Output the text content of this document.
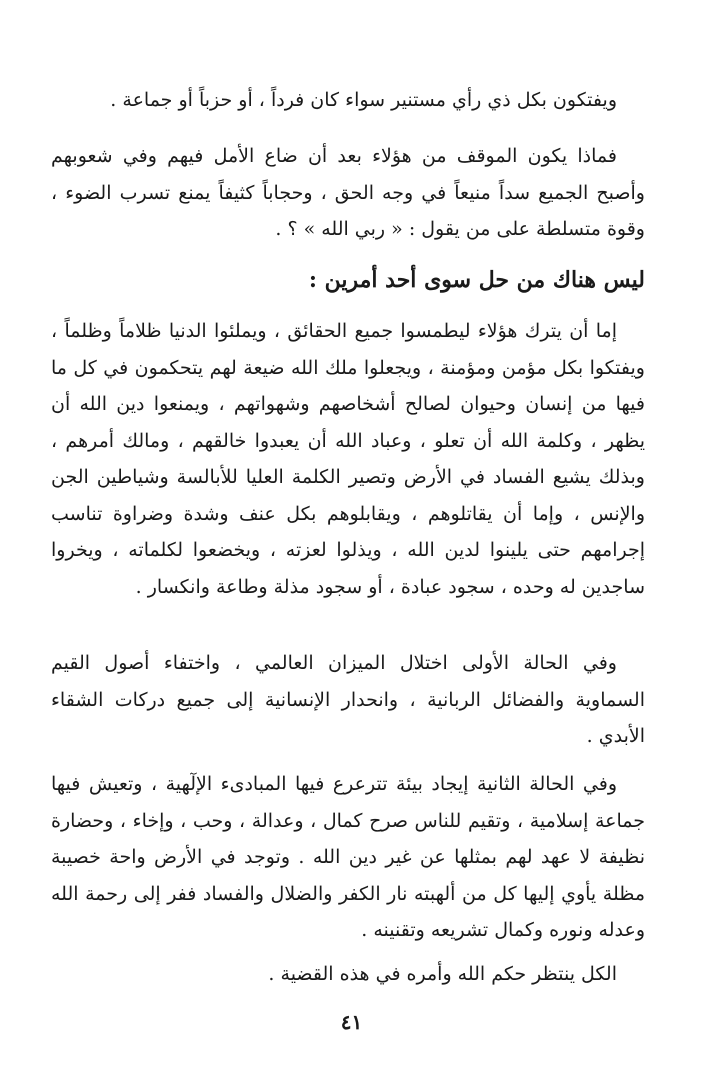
ويفتكون بكل ذي رأي مستنير سواء كان فرداً ، أو حزباً أو جماعة .

فماذا يكون الموقف من هؤلاء بعد أن ضاع الأمل فيهم وفي شعوبهم وأصبح الجميع سداً منيعاً في وجه الحق ، وحجاباً كثيفاً يمنع تسرب الضوء ، وقوة متسلطة على من يقول : « ربي الله » ؟ .

ليس هناك من حل سوى أحد أمرين :

إما أن يترك هؤلاء ليطمسوا جميع الحقائق ، ويملئوا الدنيا ظلاماً وظلماً ، ويفتكوا بكل مؤمن ومؤمنة ، ويجعلوا ملك الله ضيعة لهم يتحكمون في كل ما فيها من إنسان وحيوان لصالح أشخاصهم وشهواتهم ، ويمنعوا دين الله أن يظهر ، وكلمة الله أن تعلو ، وعباد الله أن يعبدوا خالقهم ، ومالك أمرهم ، وبذلك يشيع الفساد في الأرض وتصير الكلمة العليا للأبالسة وشياطين الجن والإنس ، وإما أن يقاتلوهم ، ويقابلوهم بكل عنف وشدة وضراوة تناسب إجرامهم حتى يلينوا لدين الله ، ويذلوا لعزته ، ويخضعوا لكلماته ، ويخروا ساجدين له وحده ، سجود عبادة ، أو سجود مذلة وطاعة وانكسار .

وفي الحالة الأولى اختلال الميزان العالمي ، واختفاء أصول القيم السماوية والفضائل الربانية ، وانحدار الإنسانية إلى جميع دركات الشقاء الأبدي .

وفي الحالة الثانية إيجاد بيئة تترعرع فيها المبادىء الإلٓهية ، وتعيش فيها جماعة إسلامية ، وتقيم للناس صرح كمال ، وعدالة ، وحب ، وإخاء ، وحضارة نظيفة لا عهد لهم بمثلها عن غير دين الله . وتوجد في الأرض واحة خصيبة مظلة يأوي إليها كل من ألهبته نار الكفر والضلال والفساد ففر إلى رحمة الله وعدله ونوره وكمال تشريعه وتقنينه .

الكل ينتظر حكم الله وأمره في هذه القضية .

٤١
